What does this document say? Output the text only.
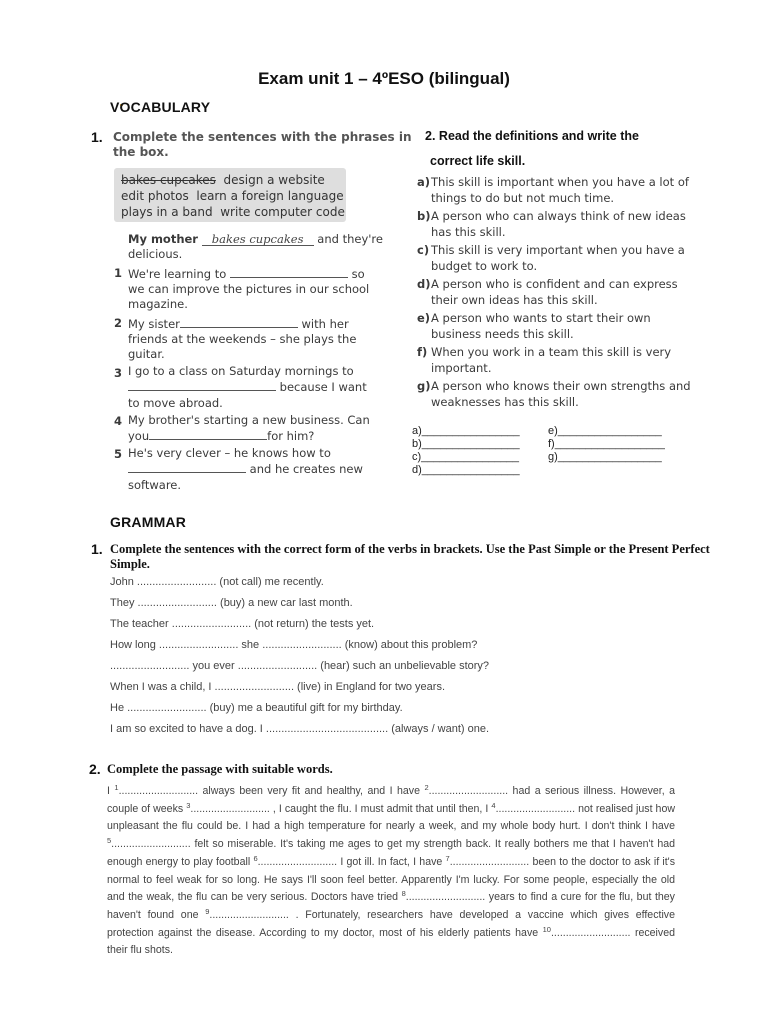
Exam unit 1 – 4ºESO (bilingual)
VOCABULARY
1. Complete the sentences with the phrases in
the box.
bakes cupcakes design a website
edit photos learn a foreign language
plays in a band write computer code
My mother bakes cupcakes and they're
delicious.
1 We're learning to	so
we can improve the pictures in our school
magazine.
2 My sister	with her
friends at the weekends – she plays the
guitar.
3 I go to a class on Saturday mornings to
because I want
to move abroad.
4 My brother's starting a new business. Can
you	for him?
5 He's very clever – he knows how to
and he creates new
software.
2. Read the definitions and write the
correct life skill.
a) This skill is important when you have a lot of
things to do but not much time.
b) A person who can always think of new ideas
has this skill.
c) This skill is very important when you have a
budget to work to.
d) A person who is confident and can express
their own ideas has this skill.
e) A person who wants to start their own
business needs this skill.
f) When you work in a team this skill is very
important.
g) A person who knows their own strengths and
weaknesses has this skill.
a)________________
b)________________
c)________________
d)________________
e)_________________
f)__________________
g)_________________
GRAMMAR
1. Complete the sentences with the correct form of the verbs in brackets. Use the Past Simple or the Present Perfect
Simple.
John .......................... (not call) me recently.
They .......................... (buy) a new car last month.
The teacher .......................... (not return) the tests yet.
How long .......................... she .......................... (know) about this problem?
.......................... you ever .......................... (hear) such an unbelievable story?
When I was a child, I .......................... (live) in England for two years.
He .......................... (buy) me a beautiful gift for my birthday.
I am so excited to have a dog. I ........................................ (always / want) one.
2. Complete the passage with suitable words.
I $^1$........................... always been very fit and healthy, and I have $^2$........................... had a serious illness. However, a couple of weeks $^3$........................... , I caught the flu. I must admit that until then, I $^4$........................... not realised just how unpleasant the flu could be. I had a high temperature for nearly a week, and my whole body hurt. I don't think I have $^5$........................... felt so miserable. It's taking me ages to get my strength back. It really bothers me that I haven't had enough energy to play football $^6$........................... I got ill. In fact, I have $^7$........................... been to the doctor to ask if it's normal to feel weak for so long. He says I'll soon feel better. Apparently I'm lucky. For some people, especially the old and the weak, the flu can be very serious. Doctors have tried $^8$........................... years to find a cure for the flu, but they haven't found one $^9$........................... . Fortunately, researchers have developed a vaccine which gives effective protection against the disease. According to my doctor, most of his elderly patients have $^{10}$........................... received their flu shots.
